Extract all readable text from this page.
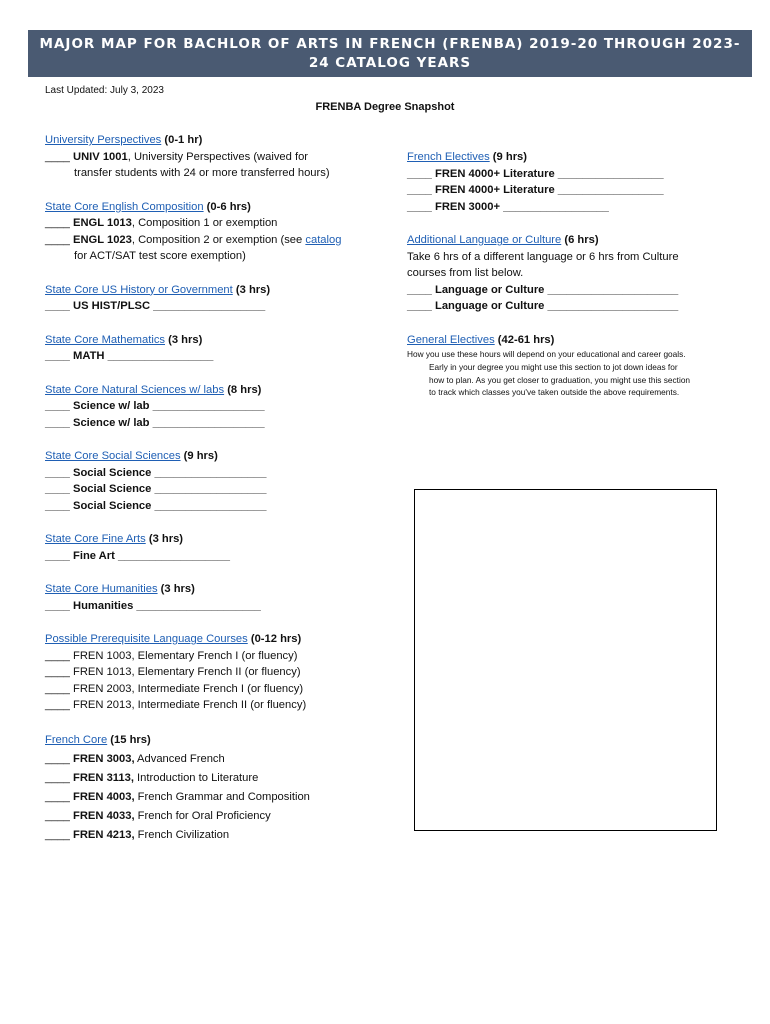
MAJOR MAP FOR BACHLOR OF ARTS IN FRENCH (FRENBA) 2019-20 THROUGH 2023-
24 CATALOG YEARS
Last Updated: July 3, 2023
FRENBA Degree Snapshot
University Perspectives (0-1 hr)
____ UNIV 1001, University Perspectives (waived for
transfer students with 24 or more transferred hours)
State Core English Composition (0-6 hrs)
____ ENGL 1013, Composition 1 or exemption
____ ENGL 1023, Composition 2 or exemption (see catalog
for ACT/SAT test score exemption)
State Core US History or Government (3 hrs)
____ US HIST/PLSC __________________
State Core Mathematics (3 hrs)
____ MATH _________________
State Core Natural Sciences w/ labs (8 hrs)
____ Science w/ lab __________________
____ Science w/ lab __________________
State Core Social Sciences (9 hrs)
____ Social Science __________________
____ Social Science __________________
____ Social Science __________________
State Core Fine Arts (3 hrs)
____ Fine Art __________________
State Core Humanities (3 hrs)
____ Humanities ____________________
Possible Prerequisite Language Courses (0-12 hrs)
____ FREN 1003, Elementary French I (or fluency)
____ FREN 1013, Elementary French II (or fluency)
____ FREN 2003, Intermediate French I (or fluency)
____ FREN 2013, Intermediate French II (or fluency)
French Core (15 hrs)
____ FREN 3003, Advanced French
____ FREN 3113, Introduction to Literature
____ FREN 4003, French Grammar and Composition
____ FREN 4033, French for Oral Proficiency
____ FREN 4213, French Civilization
French Electives (9 hrs)
____ FREN 4000+ Literature _________________
____ FREN 4000+ Literature _________________
____ FREN 3000+ _________________
Additional Language or Culture (6 hrs)
Take 6 hrs of a different language or 6 hrs from Culture
courses from list below.
____ Language or Culture _____________________
____ Language or Culture _____________________
General Electives (42-61 hrs)
How you use these hours will depend on your educational and career goals.
Early in your degree you might use this section to jot down ideas for
how to plan. As you get closer to graduation, you might use this section
to track which classes you've taken outside the above requirements.
